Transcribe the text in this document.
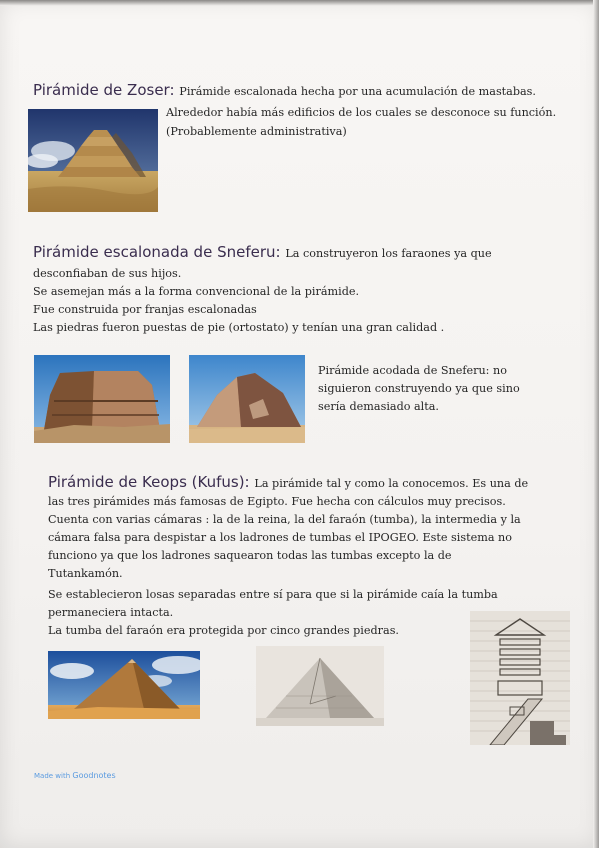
Pirámide de Zoser: Pirámide escalonada hecha por una acumulación de mastabas.
Alrededor había más edificios de los cuales se desconoce su función.
(Probablemente administrativa)
Pirámide escalonada de Sneferu: La construyeron los faraones ya que
desconfiaban de sus hijos.
Se asemejan más a la forma convencional de la pirámide.
Fue construida por franjas escalonadas
Las piedras fueron puestas de pie (ortostato) y tenían una gran calidad .
Pirámide acodada de Sneferu: no
siguieron construyendo ya que sino
sería demasiado alta.
Pirámide de Keops (Kufus): La pirámide tal y como la conocemos. Es una de
las tres pirámides más famosas de Egipto. Fue hecha con cálculos muy precisos.
Cuenta con varias cámaras : la de la reina, la del faraón (tumba), la intermedia y la
cámara falsa para despistar a los ladrones de tumbas el IPOGEO. Este sistema no
funciono ya que los ladrones saquearon todas las tumbas excepto la de
Tutankamón.
Se establecieron losas separadas entre sí para que si la pirámide caía la tumba
permaneciera intacta.
La tumba del faraón era protegida por cinco grandes piedras.
Made with Goodnotes
